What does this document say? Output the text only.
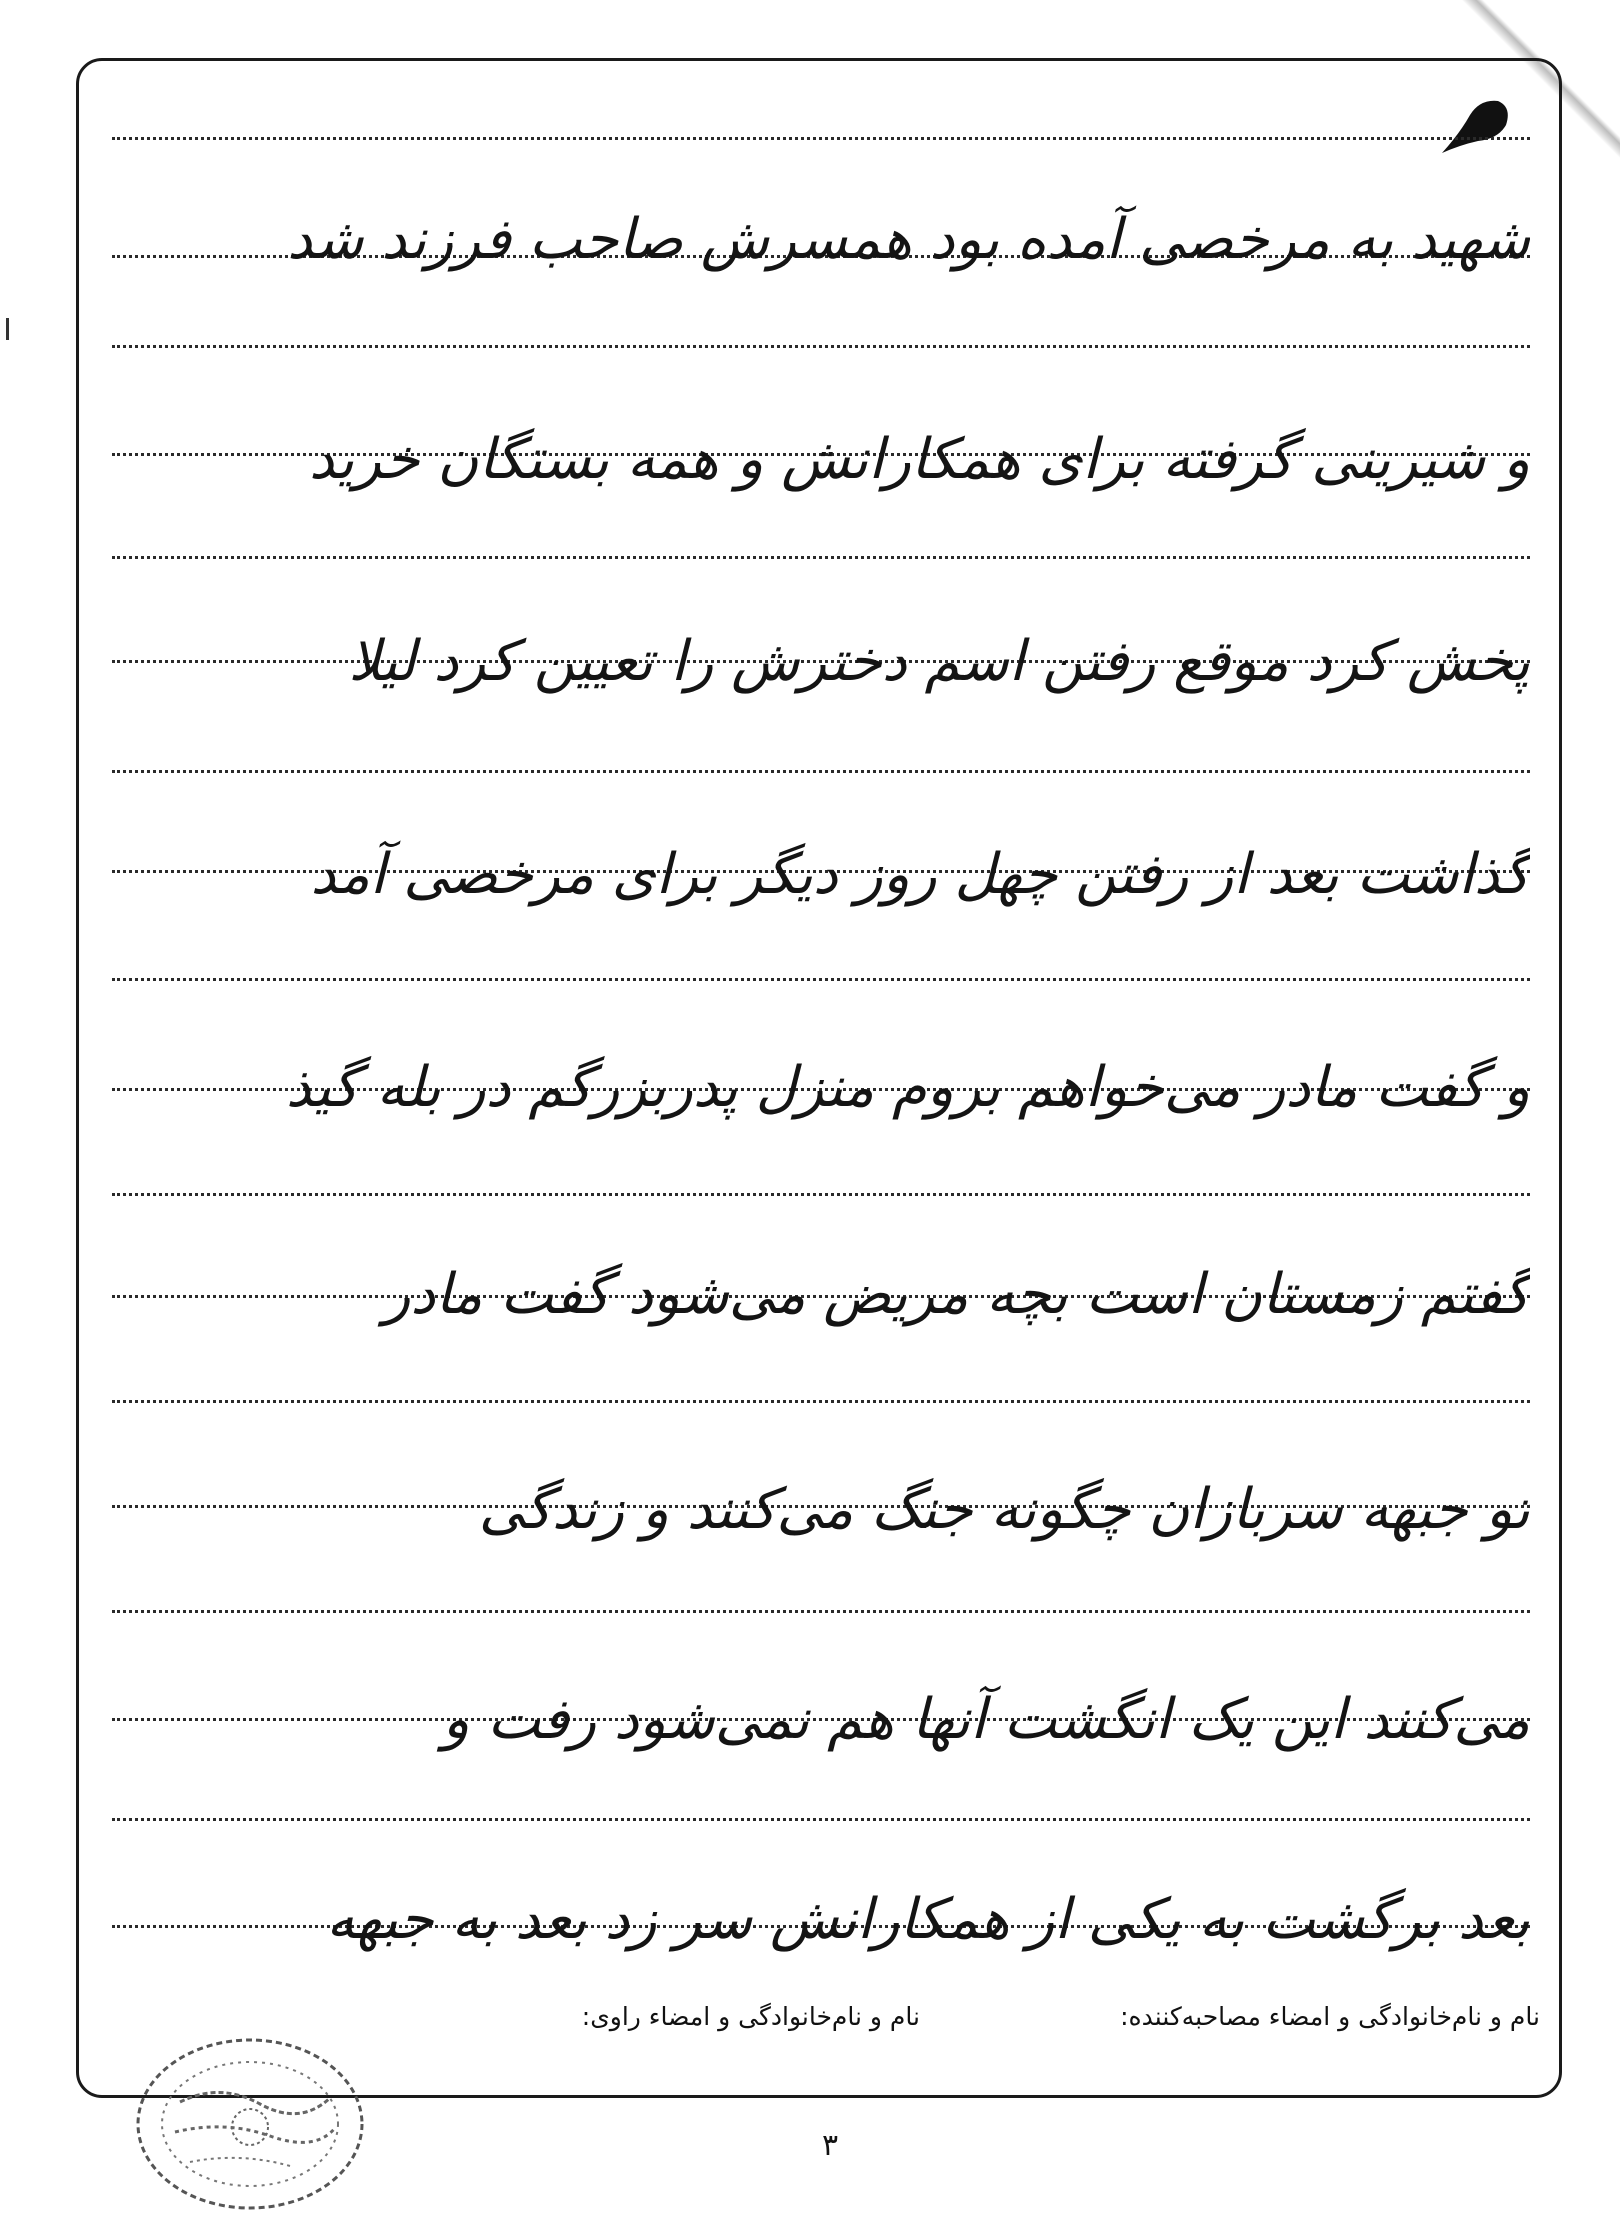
شهید به مرخصی آمده بود همسرش صاحب فرزند شد
و شیرینی گرفته برای همکارانش و همه بستگان خرید
پخش کرد موقع رفتن اسم دخترش را تعیین کرد لیلا
گذاشت بعد از رفتن چهل روز دیگر برای مرخصی آمد
و گفت مادر می‌خواهم بروم منزل پدربزرگم در بله گیذ
گفتم زمستان است بچه مریض می‌شود گفت مادر
تو جبهه سربازان چگونه جنگ می‌کنند و زندگی
می‌کنند این یک انگشت آنها هم نمی‌شود رفت و
بعد برگشت به یکی از همکارانش سر زد بعد به جبهه
نام و نام‌خانوادگی و امضاء مصاحبه‌کننده:
نام و نام‌خانوادگی و امضاء راوی:
۳
